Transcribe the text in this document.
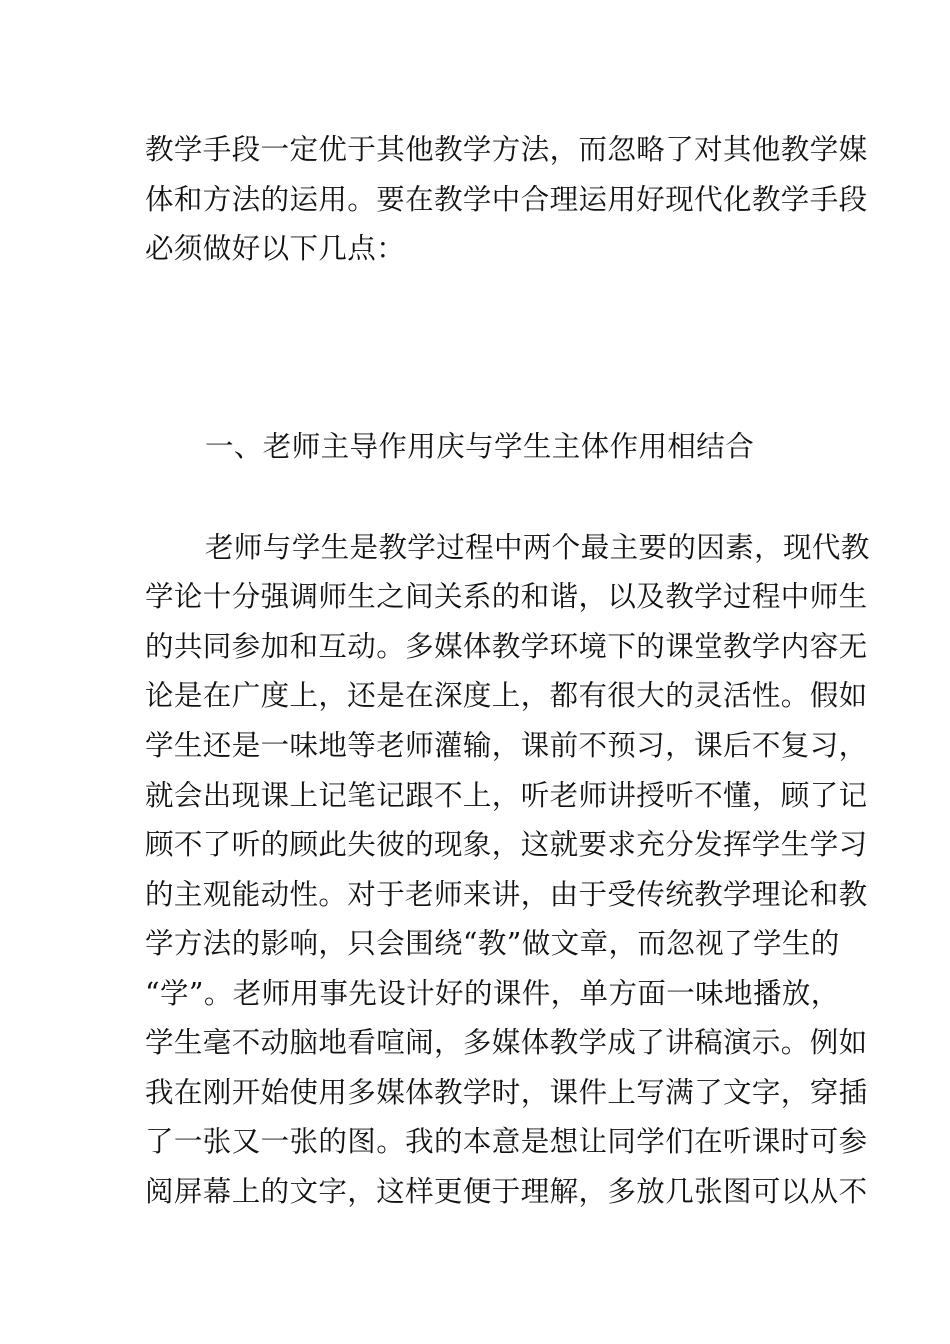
教学手段一定优于其他教学方法，而忽略了对其他教学媒
体和方法的运用。要在教学中合理运用好现代化教学手段
必须做好以下几点：
一、老师主导作用庆与学生主体作用相结合
老师与学生是教学过程中两个最主要的因素，现代教
学论十分强调师生之间关系的和谐，以及教学过程中师生
的共同参加和互动。多媒体教学环境下的课堂教学内容无
论是在广度上，还是在深度上，都有很大的灵活性。假如
学生还是一味地等老师灌输，课前不预习，课后不复习，
就会出现课上记笔记跟不上，听老师讲授听不懂，顾了记
顾不了听的顾此失彼的现象，这就要求充分发挥学生学习
的主观能动性。对于老师来讲，由于受传统教学理论和教
学方法的影响，只会围绕“教”做文章，而忽视了学生的
“学”。老师用事先设计好的课件，单方面一味地播放，
学生毫不动脑地看喧闹，多媒体教学成了讲稿演示。例如
我在刚开始使用多媒体教学时，课件上写满了文字，穿插
了一张又一张的图。我的本意是想让同学们在听课时可参
阅屏幕上的文字，这样更便于理解，多放几张图可以从不
